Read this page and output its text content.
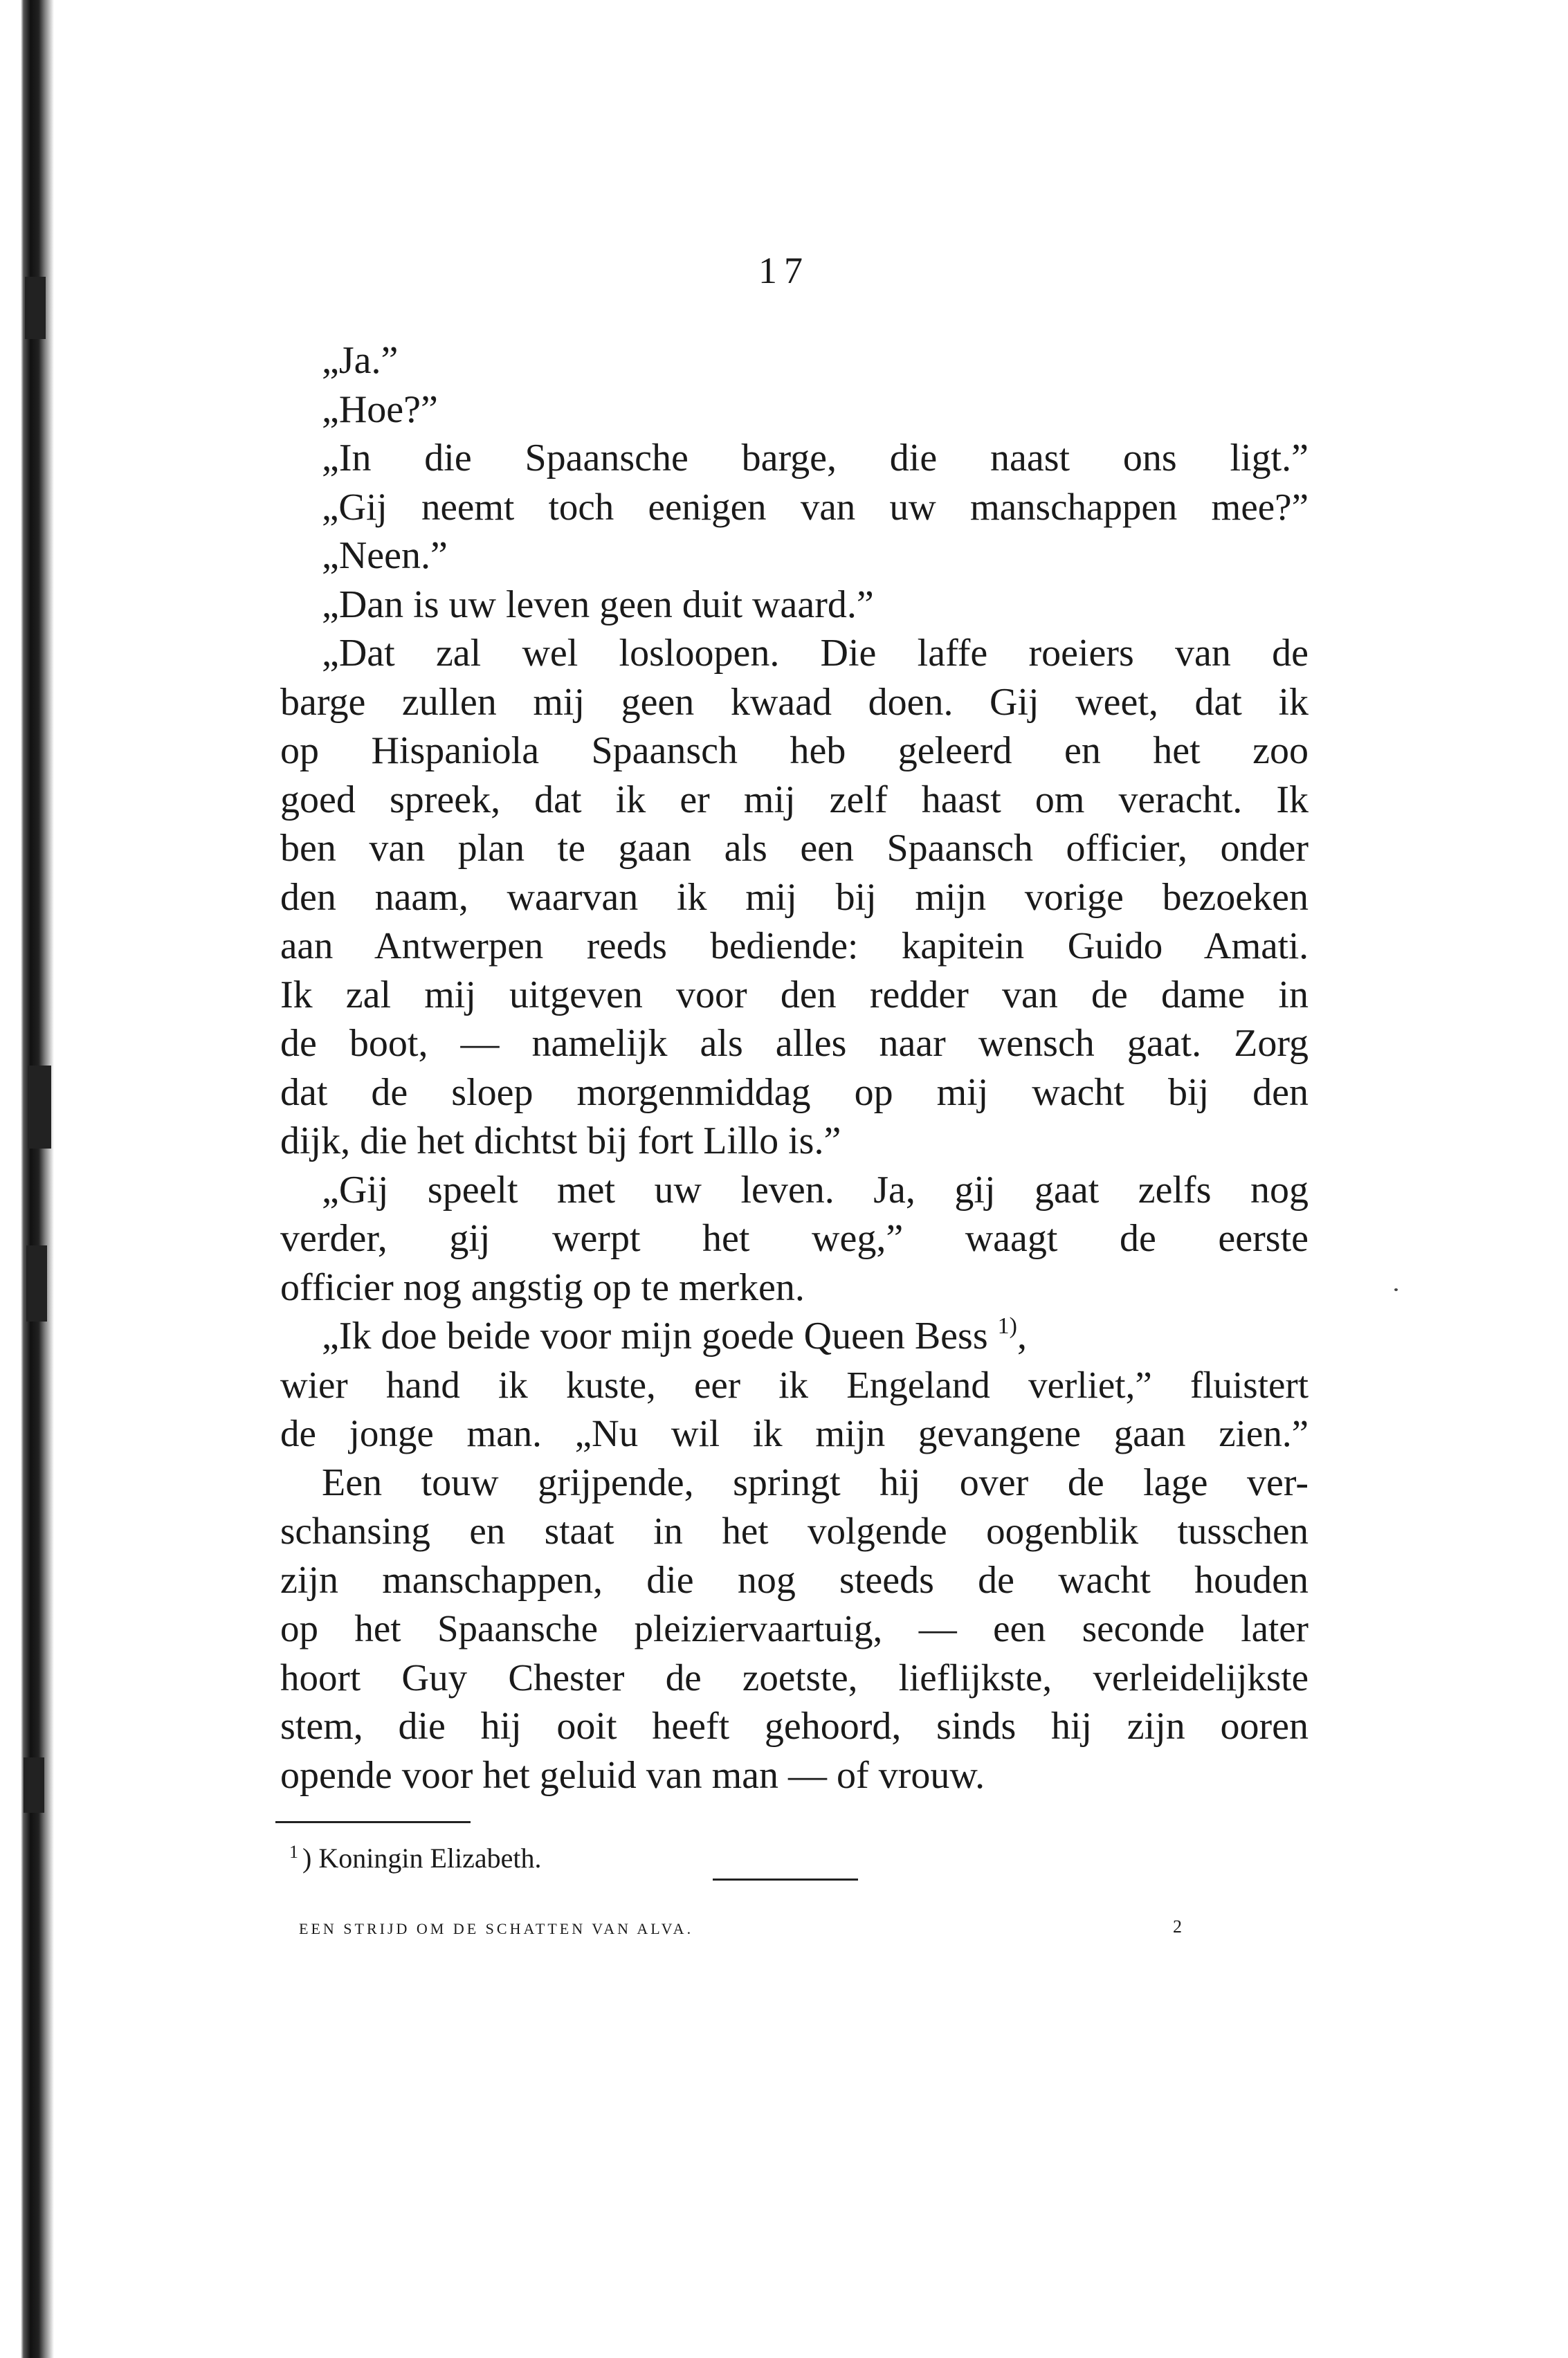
17

„Ja.”
„Hoe?”
„In die Spaansche barge, die naast ons ligt.”
„Gij neemt toch eenigen van uw manschappen mee?”
„Neen.”
„Dan is uw leven geen duit waard.”
„Dat zal wel losloopen. Die laffe roeiers van de
barge zullen mij geen kwaad doen. Gij weet, dat ik
op Hispaniola Spaansch heb geleerd en het zoo
goed spreek, dat ik er mij zelf haast om veracht. Ik
ben van plan te gaan als een Spaansch officier, onder
den naam, waarvan ik mij bij mijn vorige bezoeken
aan Antwerpen reeds bediende: kapitein Guido Amati.
Ik zal mij uitgeven voor den redder van de dame in
de boot, — namelijk als alles naar wensch gaat. Zorg
dat de sloep morgenmiddag op mij wacht bij den
dijk, die het dichtst bij fort Lillo is.”
„Gij speelt met uw leven. Ja, gij gaat zelfs nog
verder, gij werpt het weg,” waagt de eerste
officier nog angstig op te merken.
„Ik doe beide voor mijn goede Queen Bess $^{1)}$,
wier hand ik kuste, eer ik Engeland verliet,” fluistert
de jonge man. „Nu wil ik mijn gevangene gaan zien.”
Een touw grijpende, springt hij over de lage ver-
schansing en staat in het volgende oogenblik tusschen
zijn manschappen, die nog steeds de wacht houden
op het Spaansche pleiziervaartuig, — een seconde later
hoort Guy Chester de zoetste, lieflijkste, verleidelijkste
stem, die hij ooit heeft gehoord, sinds hij zijn ooren
opende voor het geluid van man — of vrouw.

$^1$ ) Koningin Elizabeth.

EEN STRIJD OM DE SCHATTEN VAN ALVA.	2
